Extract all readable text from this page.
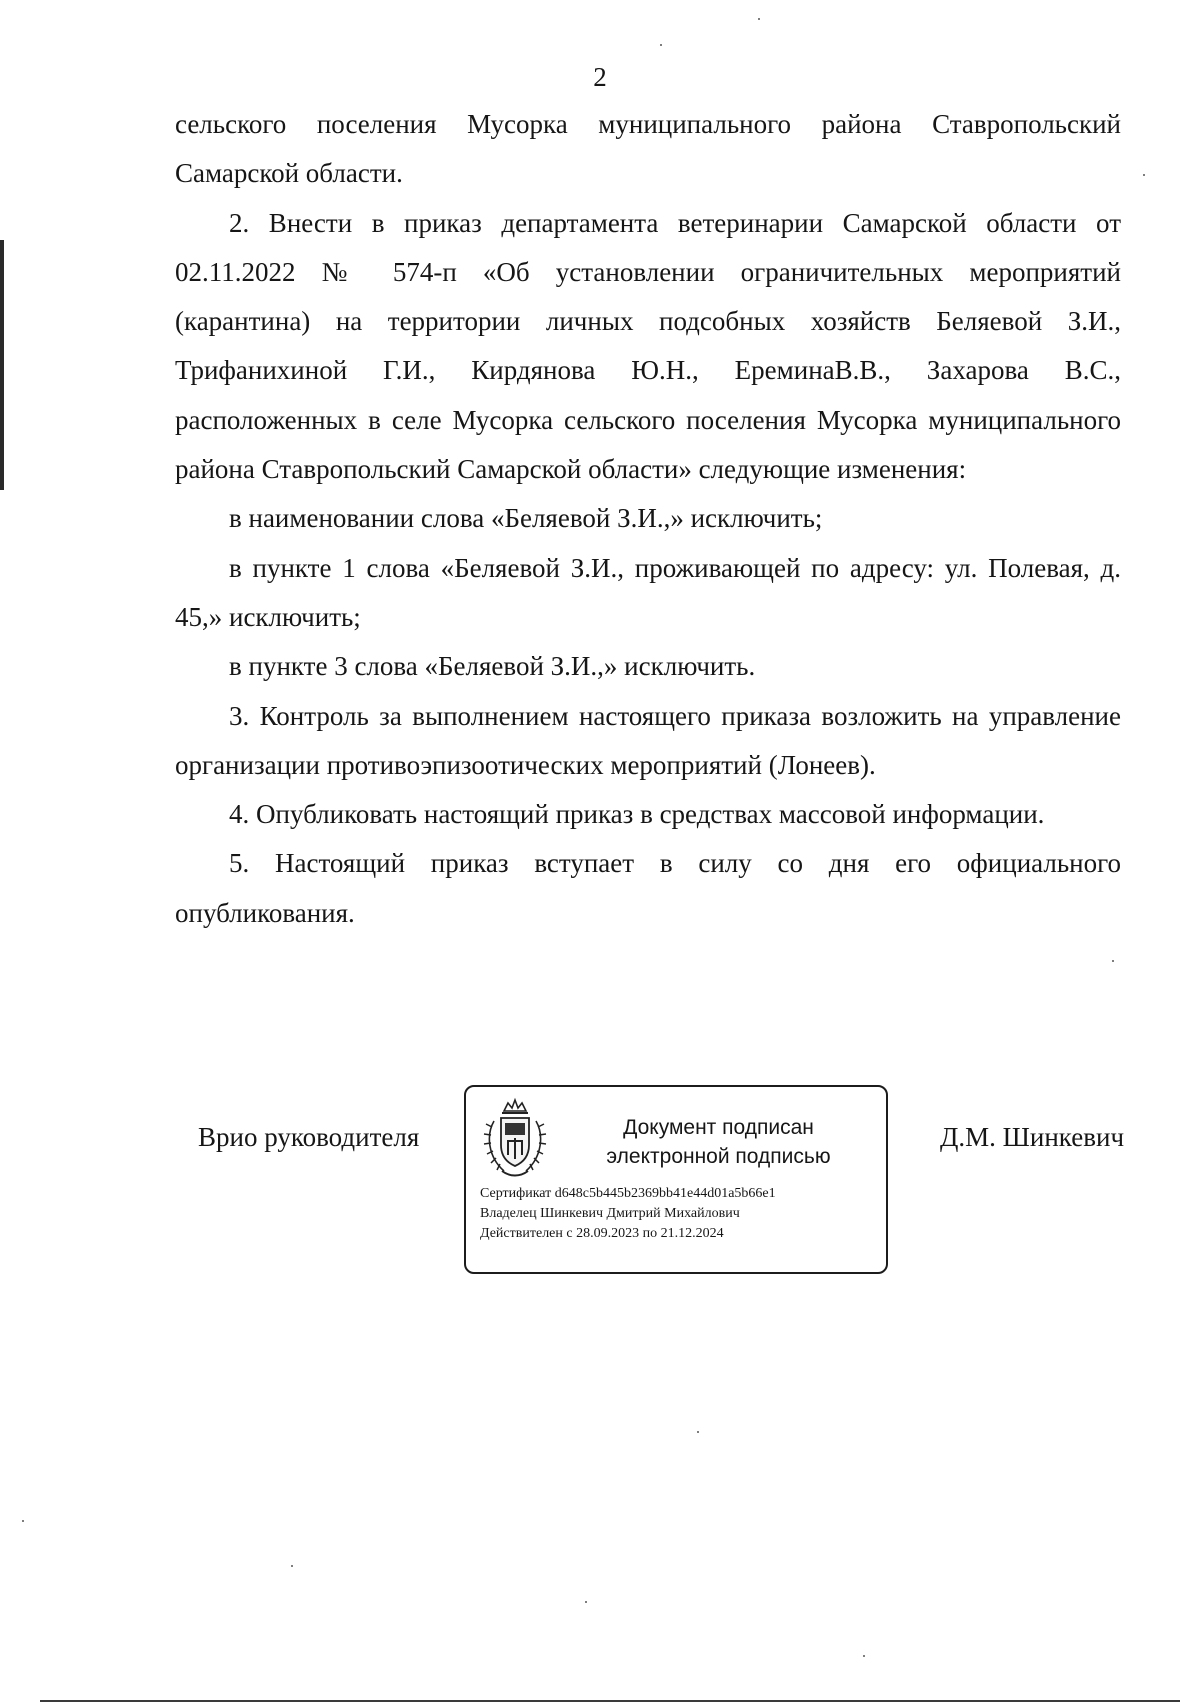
2

сельского поселения Мусорка муниципального района Ставропольский Самарской области.

2. Внести в приказ департамента ветеринарии Самарской области от 02.11.2022 № 574-п «Об установлении ограничительных мероприятий (карантина) на территории личных подсобных хозяйств Беляевой З.И., Трифанихиной Г.И., Кирдянова Ю.Н., ЕреминаВ.В., Захарова В.С., расположенных в селе Мусорка сельского поселения Мусорка муниципального района Ставропольский Самарской области» следующие изменения:

в наименовании слова «Беляевой З.И.,» исключить;

в пункте 1 слова «Беляевой З.И., проживающей по адресу: ул. Полевая, д. 45,» исключить;

в пункте 3 слова «Беляевой З.И.,» исключить.

3. Контроль за выполнением настоящего приказа возложить на управление организации противоэпизоотических мероприятий (Лонеев).

4. Опубликовать настоящий приказ в средствах массовой информации.

5. Настоящий приказ вступает в силу со дня его официального опубликования.

Врио руководителя	Документ подписан
электронной подписью
Сертификат d648c5b445b2369bb41e44d01a5b66e1
Владелец Шинкевич Дмитрий Михайлович
Действителен с 28.09.2023 по 21.12.2024
Д.М. Шинкевич
